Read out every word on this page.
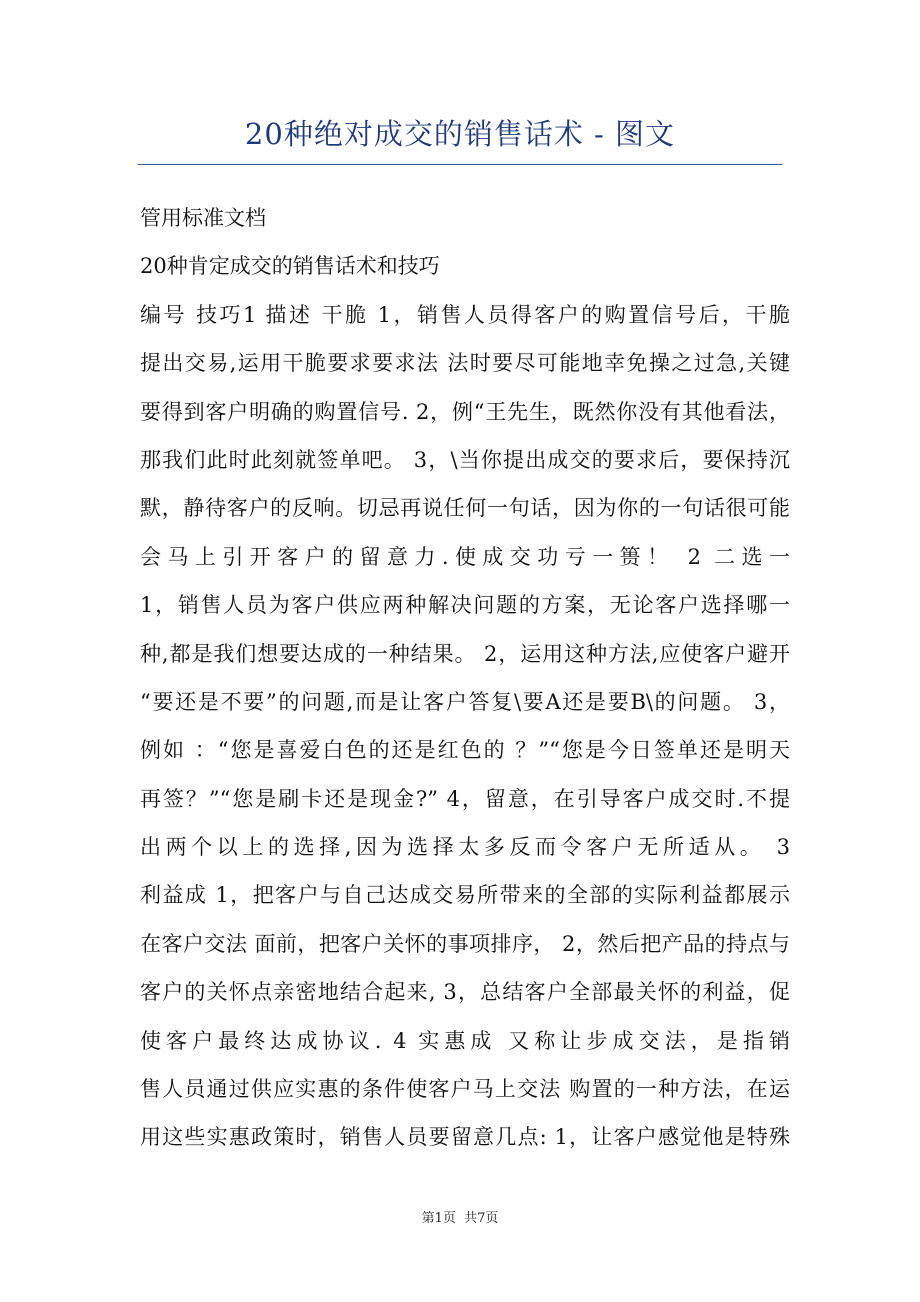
20种绝对成交的销售话术 - 图文
管用标准文档
20种肯定成交的销售话术和技巧
编号 技巧1 描述 干脆 1，销售人员得客户的购置信号后，干脆
提出交易,运用干脆要求要求法 法时要尽可能地幸免操之过急,关键
要得到客户明确的购置信号. 2，例“王先生，既然你没有其他看法，
那我们此时此刻就签单吧。 3，\当你提出成交的要求后，要保持沉
默，静待客户的反响。切忌再说任何一句话，因为你的一句话很可能
会马上引开客户的留意力.使成交功亏一篑！ 2 二选一
1，销售人员为客户供应两种解决问题的方案，无论客户选择哪一
种,都是我们想要达成的一种结果。 2，运用这种方法,应使客户避开
“要还是不要”的问题,而是让客户答复\要A还是要B\的问题。 3，
例如 ：“您是喜爱白色的还是红色的 ？”“您是今日签单还是明天
再签？”“您是刷卡还是现金?” 4，留意，在引导客户成交时.不提
出两个以上的选择,因为选择太多反而令客户无所适从。 3
利益成 1，把客户与自己达成交易所带来的全部的实际利益都展示
在客户交法 面前，把客户关怀的事项排序， 2，然后把产品的持点与
客户的关怀点亲密地结合起来, 3，总结客户全部最关怀的利益，促
使客户最终达成协议. 4 实惠成 又称让步成交法，是指销
售人员通过供应实惠的条件使客户马上交法 购置的一种方法，在运
用这些实惠政策时，销售人员要留意几点: 1，让客户感觉他是特殊
第1页  共7页
